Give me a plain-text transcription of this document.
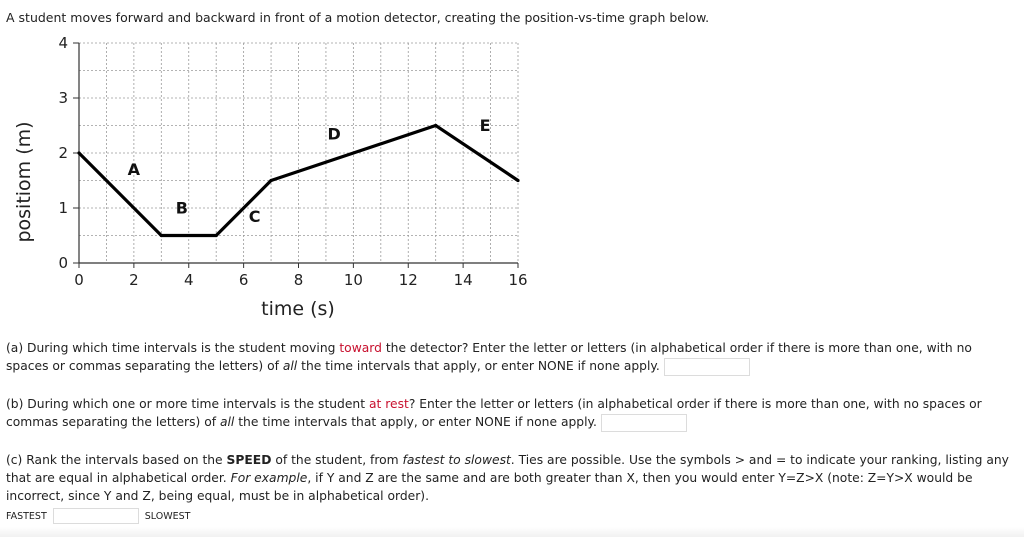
A student moves forward and backward in front of a motion detector, creating the position-vs-time graph below.
0	2	4	6	8	10 12 14 16
0
1
2
3
4
A
B	C
D	E
time (s)
positiom (m)
(a) During which time intervals is the student moving toward the detector? Enter the letter or letters (in alphabetical order if there is more than one, with no spaces or commas separating the letters) of all the time intervals that apply, or enter NONE if none apply.
(b) During which one or more time intervals is the student at rest? Enter the letter or letters (in alphabetical order if there is more than one, with no spaces or commas separating the letters) of all the time intervals that apply, or enter NONE if none apply.
(c) Rank the intervals based on the SPEED of the student, from fastest to slowest. Ties are possible. Use the symbols > and = to indicate your ranking, listing any that are equal in alphabetical order. For example, if Y and Z are the same and are both greater than X, then you would enter Y=Z>X (note: Z=Y>X would be incorrect, since Y and Z, being equal, must be in alphabetical order).
FASTEST	SLOWEST
